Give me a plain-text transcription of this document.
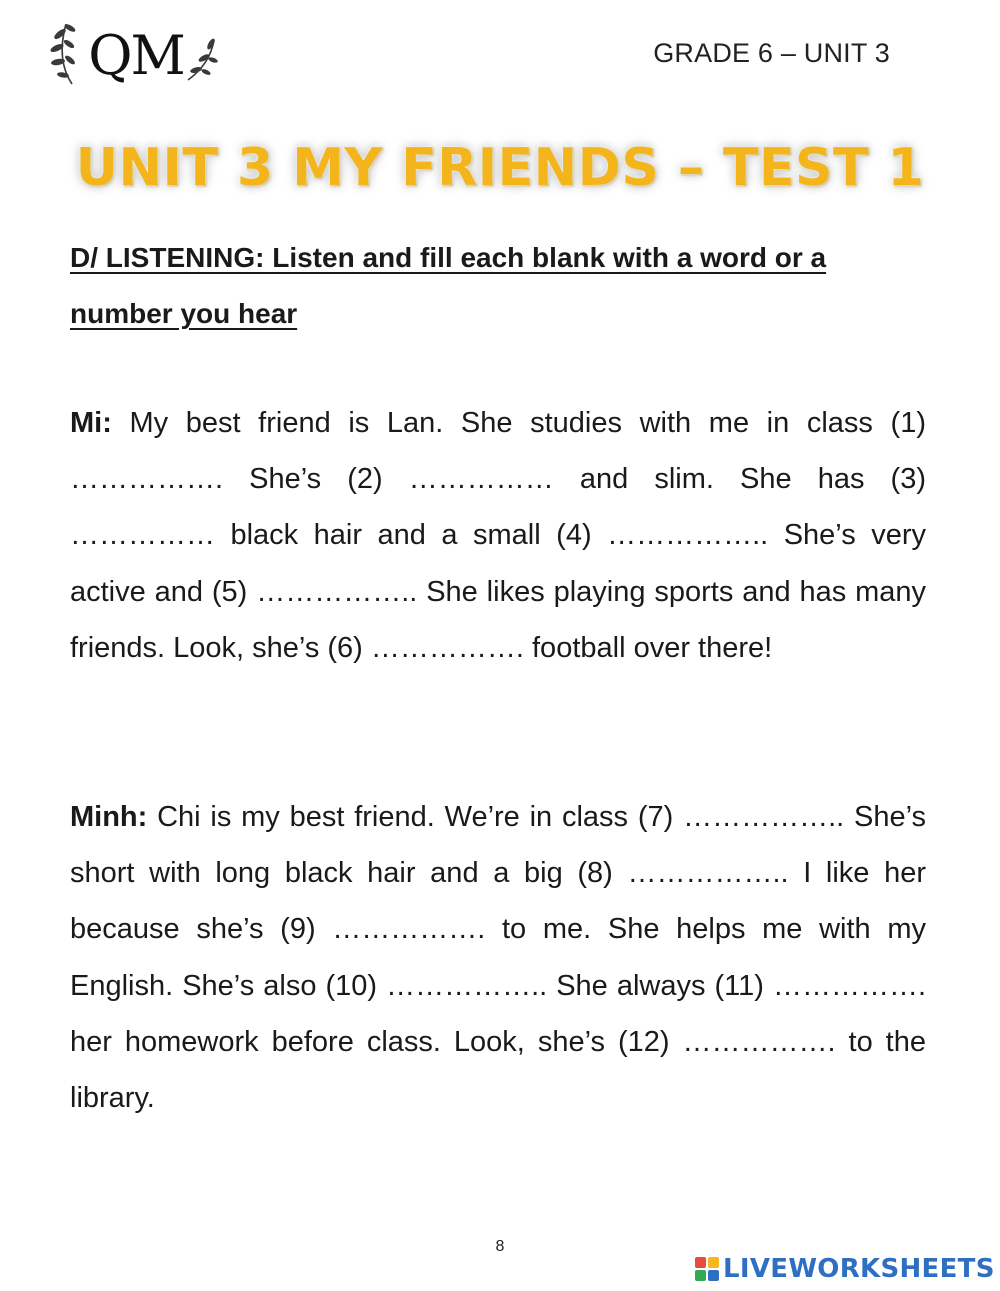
QM	GRADE 6 – UNIT 3
UNIT 3 MY FRIENDS – TEST 1

D/ LISTENING: Listen and fill each blank with a word or a number you hear

Mi: My best friend is Lan. She studies with me in class (1) ……………. She’s (2) …………… and slim. She has (3) …………… black hair and a small (4) …………….. She’s very active and (5) …………….. She likes playing sports and has many friends. Look, she’s (6) ……………. football over there!

Minh: Chi is my best friend. We’re in class (7) …………….. She’s short with long black hair and a big (8) …………….. I like her because she’s (9) ……………. to me. She helps me with my English. She’s also (10) …………….. She always (11) ……………. her homework before class. Look, she’s (12) ……………. to the library.

8
LIVEWORKSHEETS
